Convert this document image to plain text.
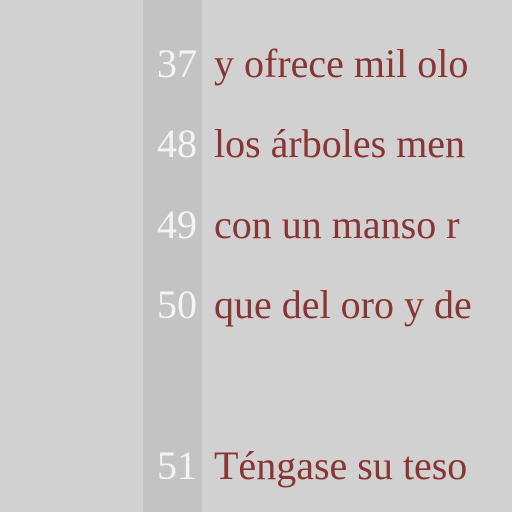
37 y ofrece mil olo
48 los árboles men
49 con un manso r
50 que del oro y de
51 Téngase su teso
